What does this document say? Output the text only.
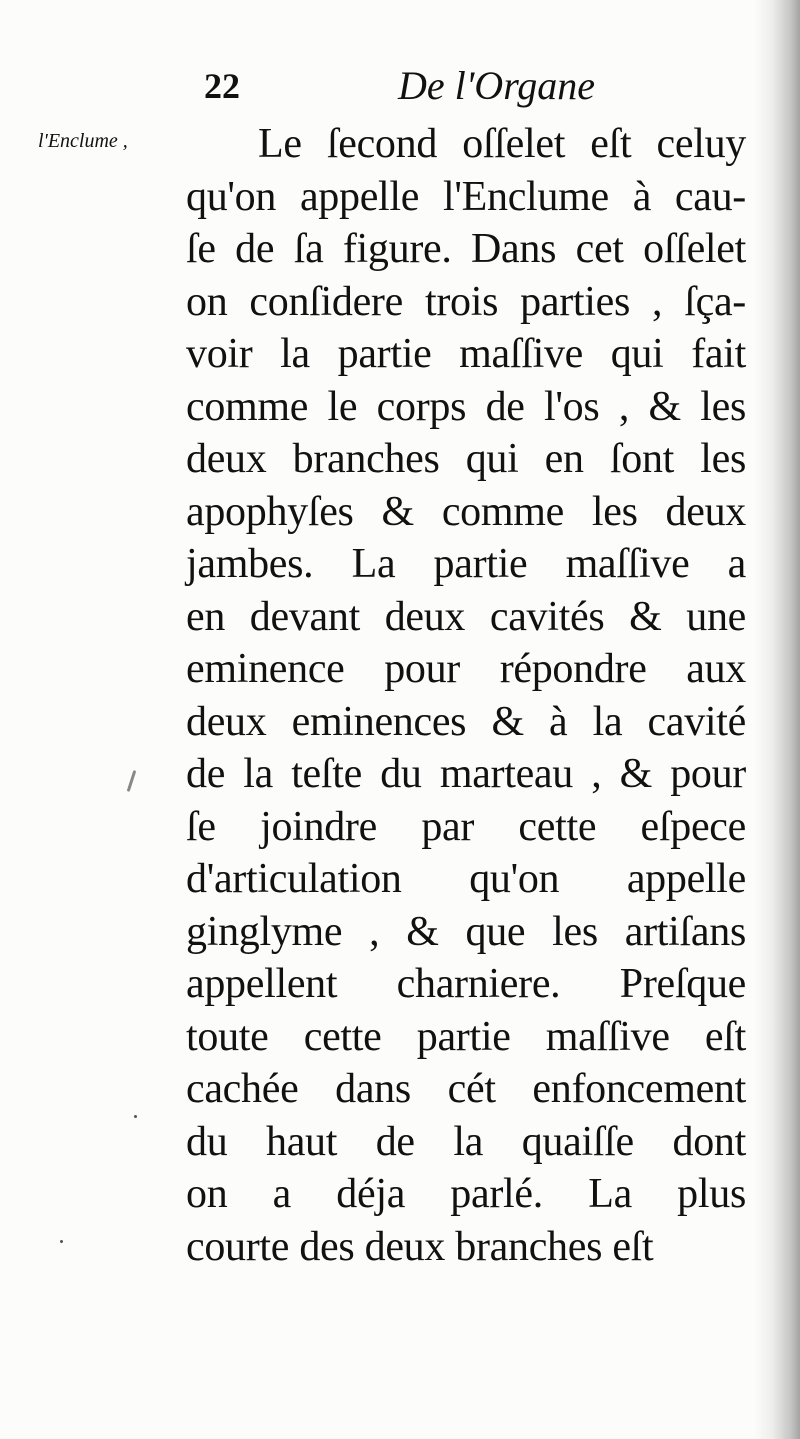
22	De l'Organe
l'Enclume ,	Le ſecond oſſelet eſt celuy
qu'on appelle l'Enclume à cau-
ſe de ſa figure. Dans cet oſſelet
on conſidere trois parties , ſça-
voir la partie maſſive qui fait
comme le corps de l'os , & les
deux branches qui en ſont les
apophyſes & comme les deux
jambes. La partie maſſive a
en devant deux cavités & une
eminence pour répondre aux
deux eminences & à la cavité
de la teſte du marteau , & pour
ſe joindre par cette eſpece
d'articulation qu'on appelle
ginglyme , & que les artiſans
appellent charniere. Preſque
toute cette partie maſſive eſt
cachée dans cét enfoncement
du haut de la quaiſſe dont
on a déja parlé. La plus
courte des deux branches eſt
